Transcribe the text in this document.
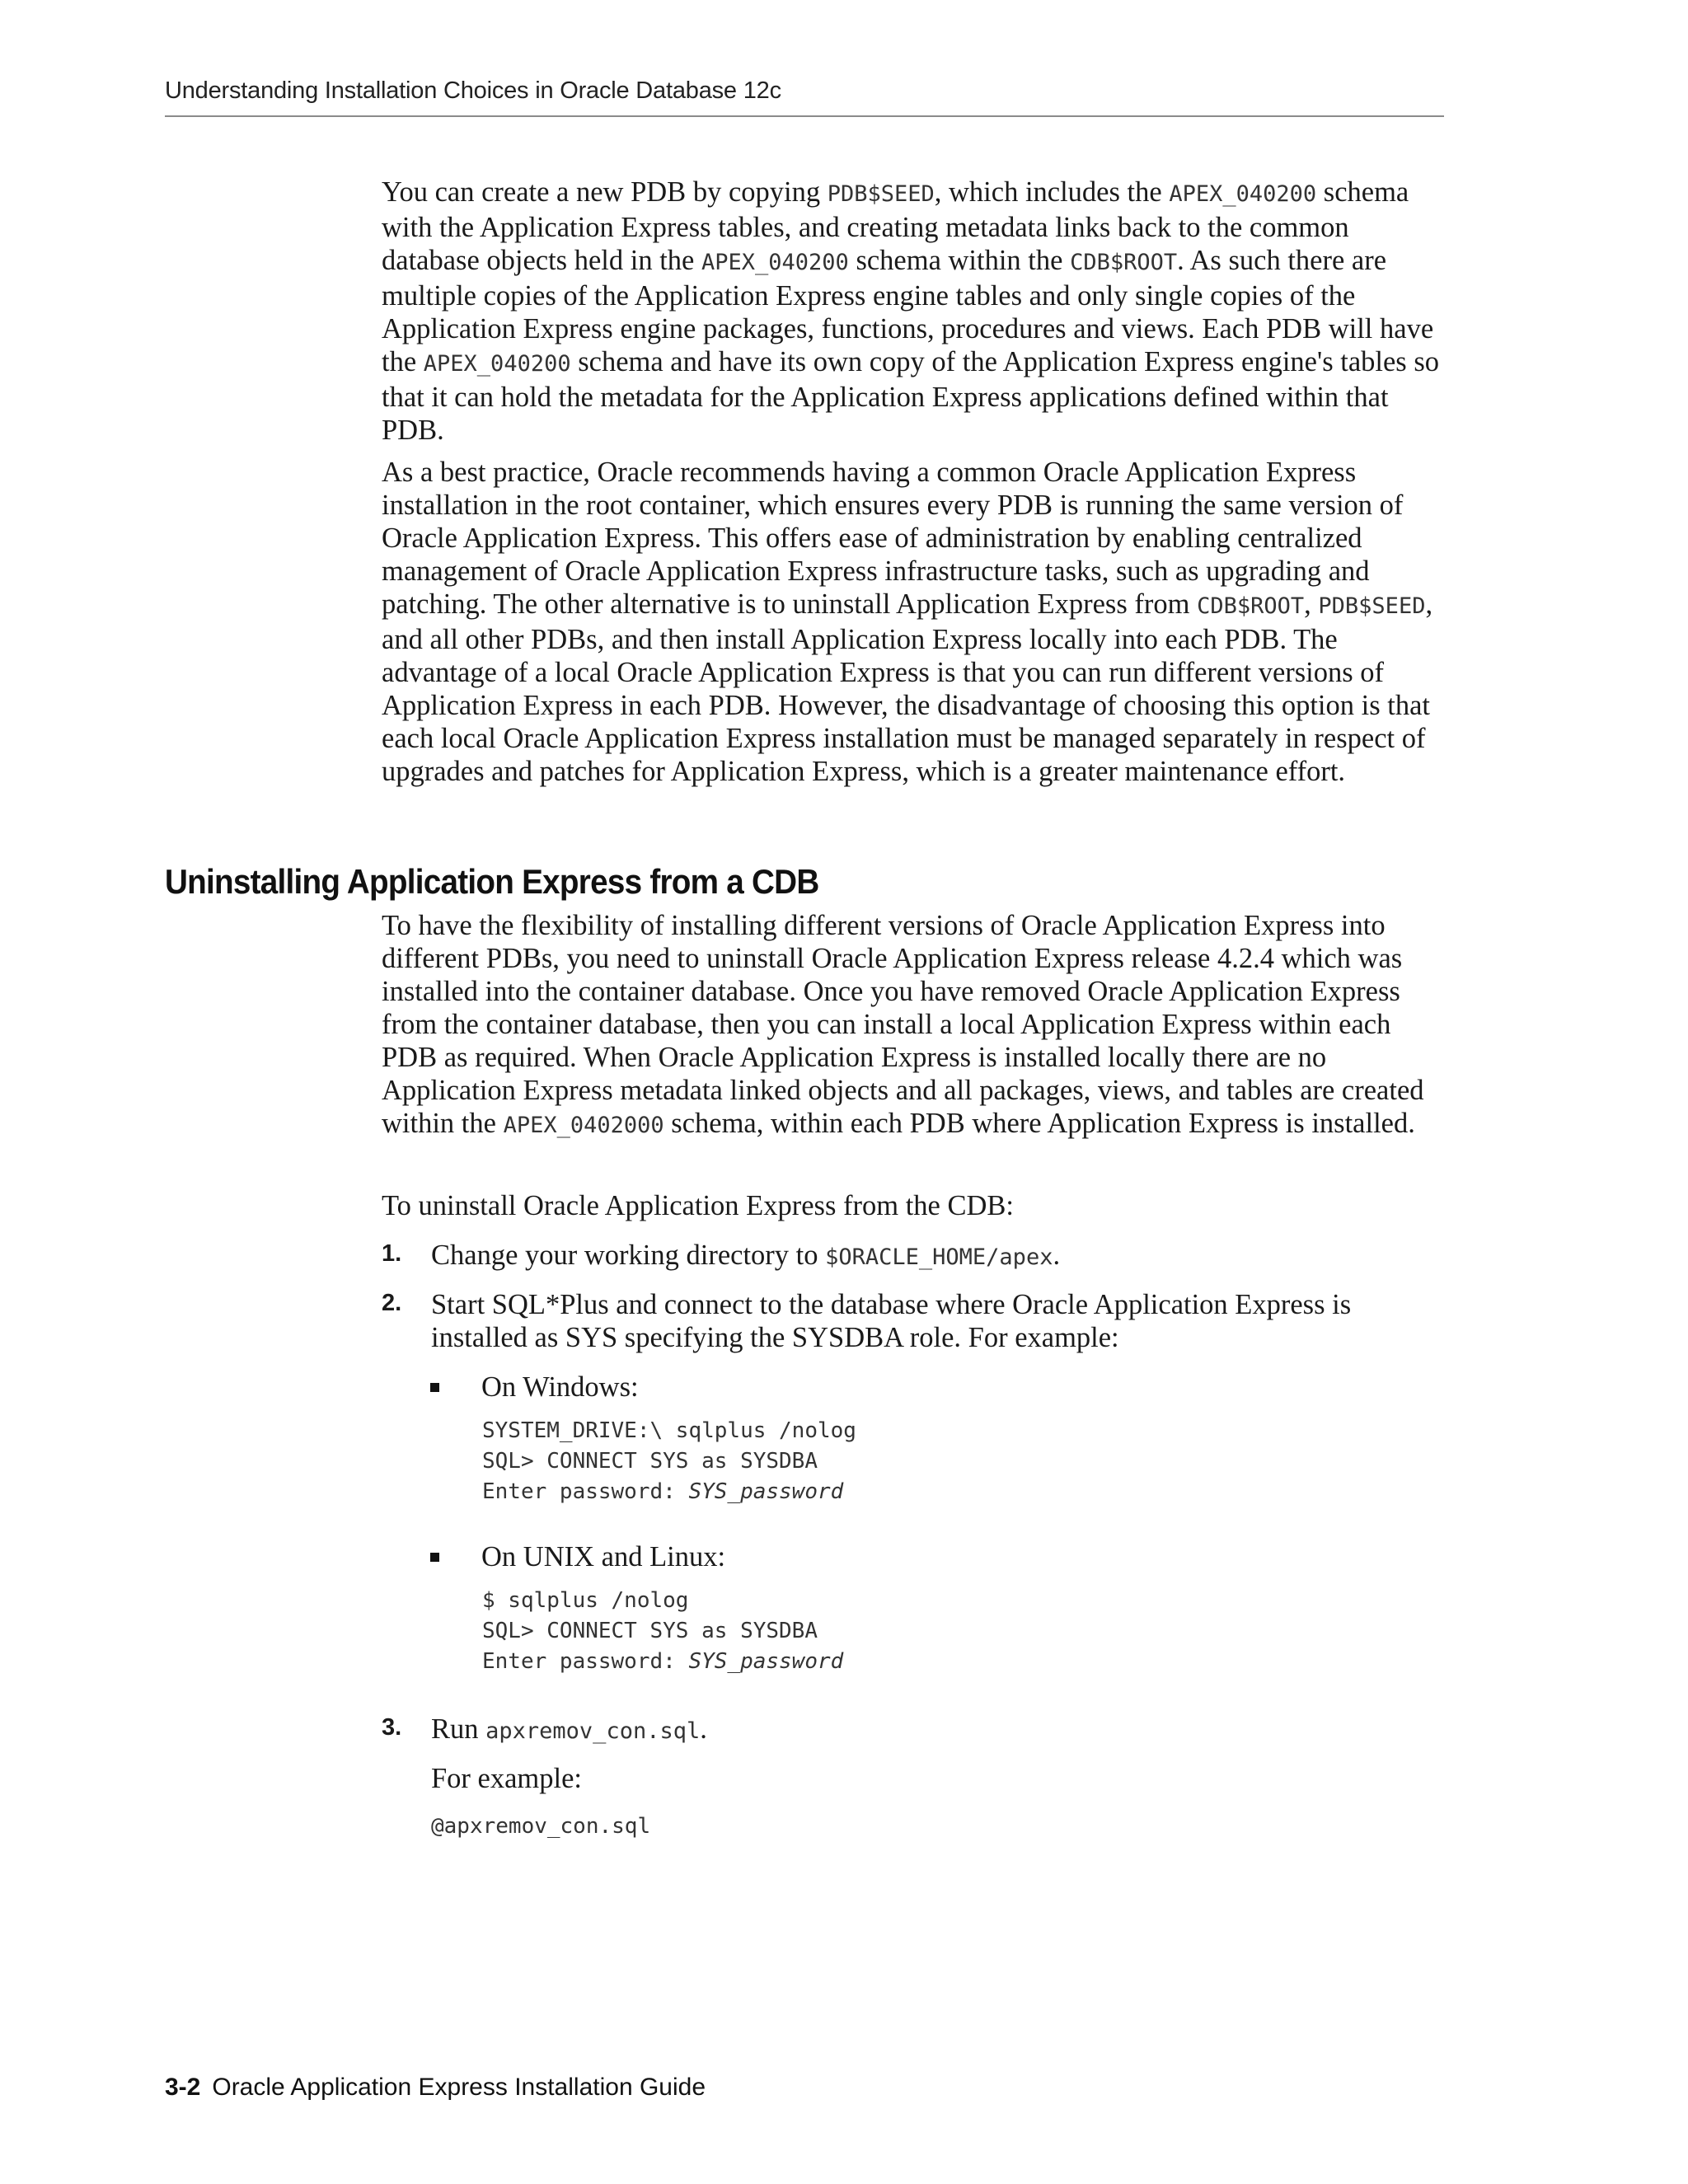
Understanding Installation Choices in Oracle Database 12c

You can create a new PDB by copying PDB$SEED, which includes the APEX_040200 schema with the Application Express tables, and creating metadata links back to the common database objects held in the APEX_040200 schema within the CDB$ROOT. As such there are multiple copies of the Application Express engine tables and only single copies of the Application Express engine packages, functions, procedures and views. Each PDB will have the APEX_040200 schema and have its own copy of the Application Express engine's tables so that it can hold the metadata for the Application Express applications defined within that PDB.

As a best practice, Oracle recommends having a common Oracle Application Express installation in the root container, which ensures every PDB is running the same version of Oracle Application Express. This offers ease of administration by enabling centralized management of Oracle Application Express infrastructure tasks, such as upgrading and patching. The other alternative is to uninstall Application Express from CDB$ROOT, PDB$SEED, and all other PDBs, and then install Application Express locally into each PDB. The advantage of a local Oracle Application Express is that you can run different versions of Application Express in each PDB. However, the disadvantage of choosing this option is that each local Oracle Application Express installation must be managed separately in respect of upgrades and patches for Application Express, which is a greater maintenance effort.

Uninstalling Application Express from a CDB

To have the flexibility of installing different versions of Oracle Application Express into different PDBs, you need to uninstall Oracle Application Express release 4.2.4 which was installed into the container database. Once you have removed Oracle Application Express from the container database, then you can install a local Application Express within each PDB as required. When Oracle Application Express is installed locally there are no Application Express metadata linked objects and all packages, views, and tables are created within the APEX_0402000 schema, within each PDB where Application Express is installed.

To uninstall Oracle Application Express from the CDB:

1. Change your working directory to $ORACLE_HOME/apex.
2. Start SQL*Plus and connect to the database where Oracle Application Express is installed as SYS specifying the SYSDBA role. For example:
On Windows:
SYSTEM_DRIVE:\ sqlplus /nolog
SQL> CONNECT SYS as SYSDBA
Enter password: SYS_password
On UNIX and Linux:
$ sqlplus /nolog
SQL> CONNECT SYS as SYSDBA
Enter password: SYS_password
3. Run apxremov_con.sql.
For example:
@apxremov_con.sql
3-2 Oracle Application Express Installation Guide
